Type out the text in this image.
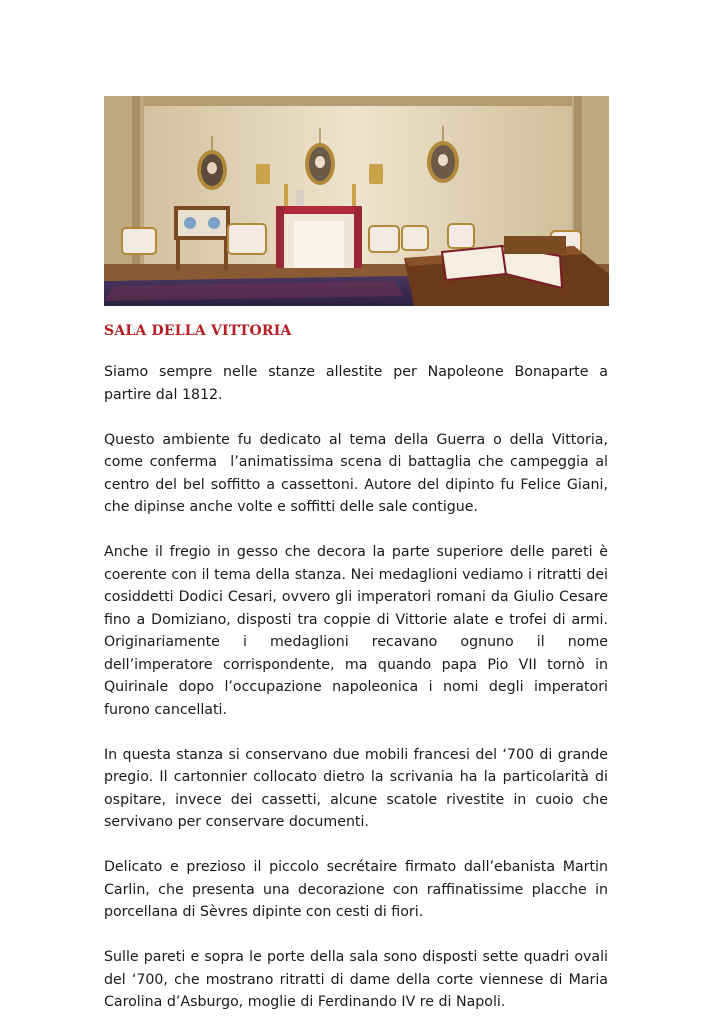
SALA DELLA VITTORIA

Siamo sempre nelle stanze allestite per Napoleone Bonaparte a partire dal 1812.

Questo ambiente fu dedicato al tema della Guerra o della Vittoria, come conferma  l’animatissima scena di battaglia che campeggia al centro del bel soffitto a cassettoni. Autore del dipinto fu Felice Giani, che dipinse anche volte e soffitti delle sale contigue.

Anche il fregio in gesso che decora la parte superiore delle pareti è coerente con il tema della stanza. Nei medaglioni vediamo i ritratti dei cosiddetti Dodici Cesari, ovvero gli imperatori romani da Giulio Cesare fino a Domiziano, disposti tra coppie di Vittorie alate e trofei di armi. Originariamente i medaglioni recavano ognuno il nome dell’imperatore corrispondente, ma quando papa Pio VII tornò in Quirinale dopo l’occupazione napoleonica i nomi degli imperatori furono cancellati.

In questa stanza si conservano due mobili francesi del ‘700 di grande pregio. Il cartonnier collocato dietro la scrivania ha la particolarità di ospitare, invece dei cassetti, alcune scatole rivestite in cuoio che servivano per conservare documenti.

Delicato e prezioso il piccolo secrétaire firmato dall’ebanista Martin Carlin, che presenta una decorazione con raffinatissime placche in porcellana di Sèvres dipinte con cesti di fiori.

Sulle pareti e sopra le porte della sala sono disposti sette quadri ovali del ‘700, che mostrano ritratti di dame della corte viennese di Maria Carolina d’Asburgo, moglie di Ferdinando IV re di Napoli.
